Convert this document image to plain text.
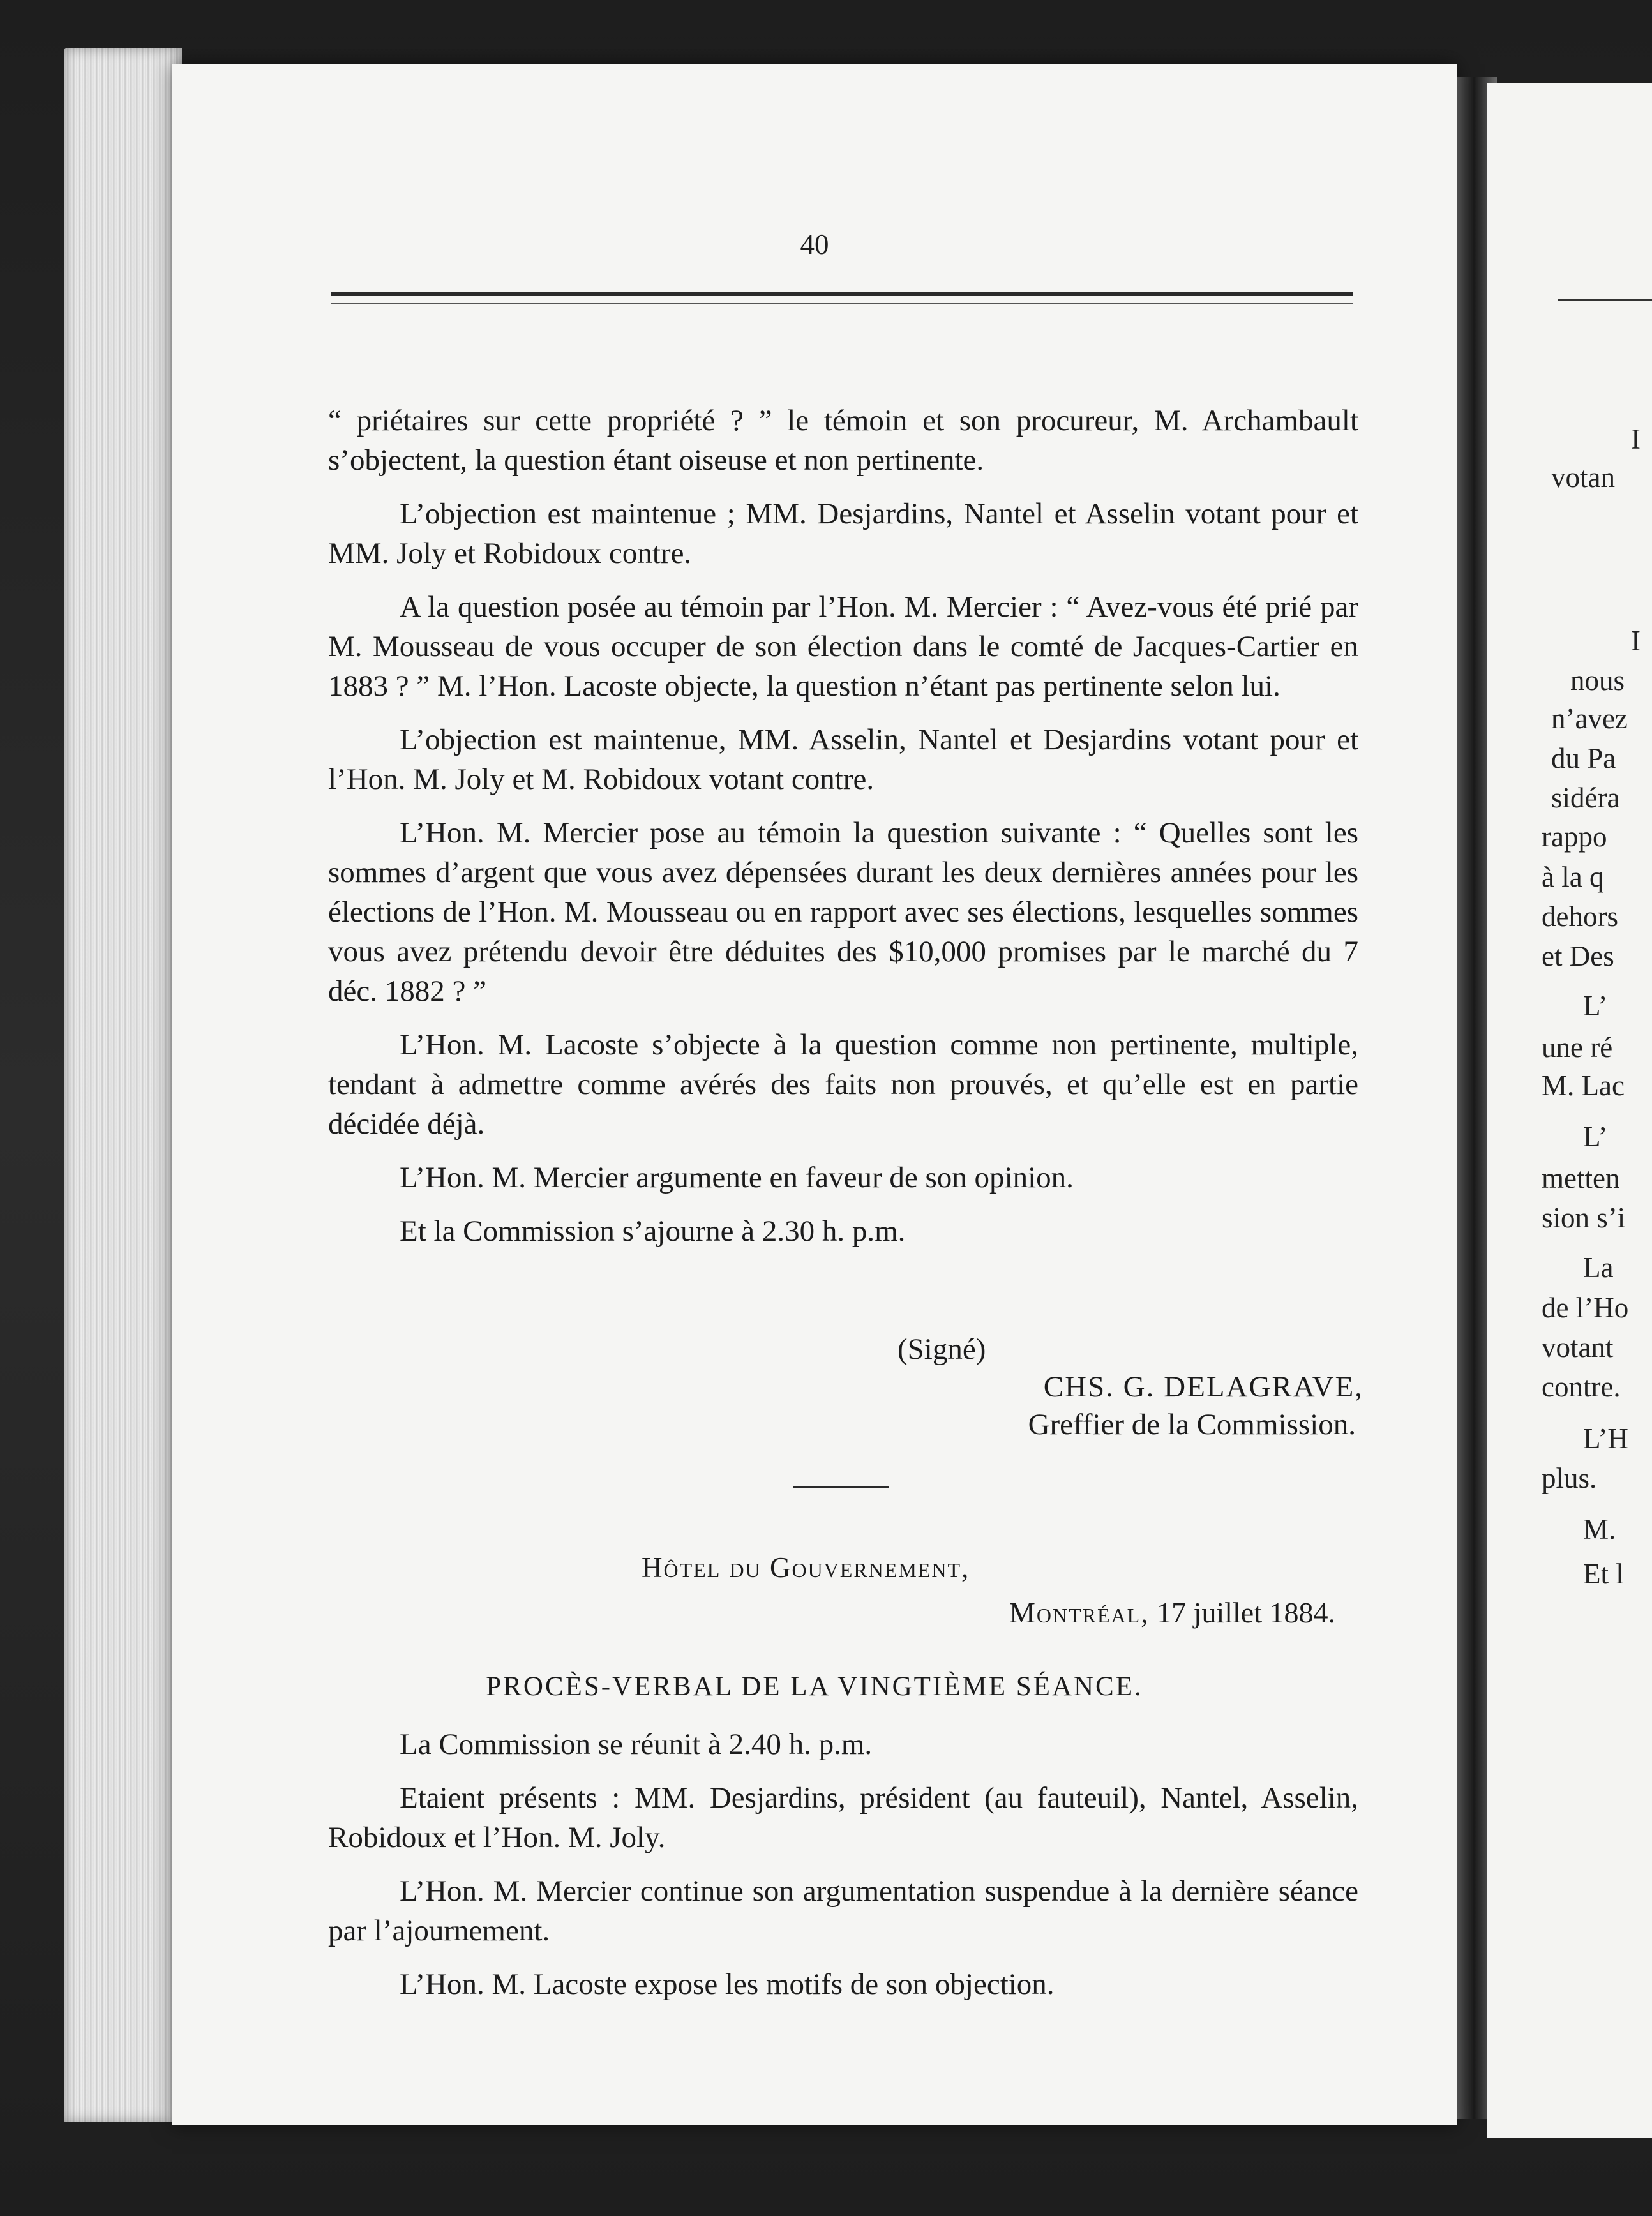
I
votan
I
nous
n’avez
du Pa
sidéra
rappo
à la q
dehors
et Des
L’
une ré
M. Lac
L’
metten
sion s’i
La
de l’Ho
votant
contre.
L’H
plus.
M.
Et l
40

“ priétaires sur cette propriété ? ” le témoin et son procureur, M. Archambault s’objectent, la question étant oiseuse et non pertinente.

L’objection est maintenue ; MM. Desjardins, Nantel et Asselin votant pour et MM. Joly et Robidoux contre.

A la question posée au témoin par l’Hon. M. Mercier : “ Avez-vous été prié par M. Mousseau de vous occuper de son élection dans le comté de Jacques-Cartier en 1883 ? ” M. l’Hon. Lacoste objecte, la question n’étant pas pertinente selon lui.

L’objection est maintenue, MM. Asselin, Nantel et Desjardins votant pour et l’Hon. M. Joly et M. Robidoux votant contre.

L’Hon. M. Mercier pose au témoin la question suivante : “ Quelles sont les sommes d’argent que vous avez dépensées durant les deux dernières années pour les élections de l’Hon. M. Mousseau ou en rapport avec ses élections, lesquelles sommes vous avez prétendu devoir être déduites des $10,000 promises par le marché du 7 déc. 1882 ? ”

L’Hon. M. Lacoste s’objecte à la question comme non pertinente, multiple, tendant à admettre comme avérés des faits non prouvés, et qu’elle est en partie décidée déjà.

L’Hon. M. Mercier argumente en faveur de son opinion.

Et la Commission s’ajourne à 2.30 h. p.m.

(Signé)
CHS. G. DELAGRAVE,
Greffier de la Commission.
Hôtel du Gouvernement,
Montréal, 17 juillet 1884.
PROCÈS-VERBAL DE LA VINGTIÈME SÉANCE.

La Commission se réunit à 2.40 h. p.m.

Etaient présents : MM. Desjardins, président (au fauteuil), Nantel, Asselin, Robidoux et l’Hon. M. Joly.

L’Hon. M. Mercier continue son argumentation suspendue à la dernière séance par l’ajournement.

L’Hon. M. Lacoste expose les motifs de son objection.
